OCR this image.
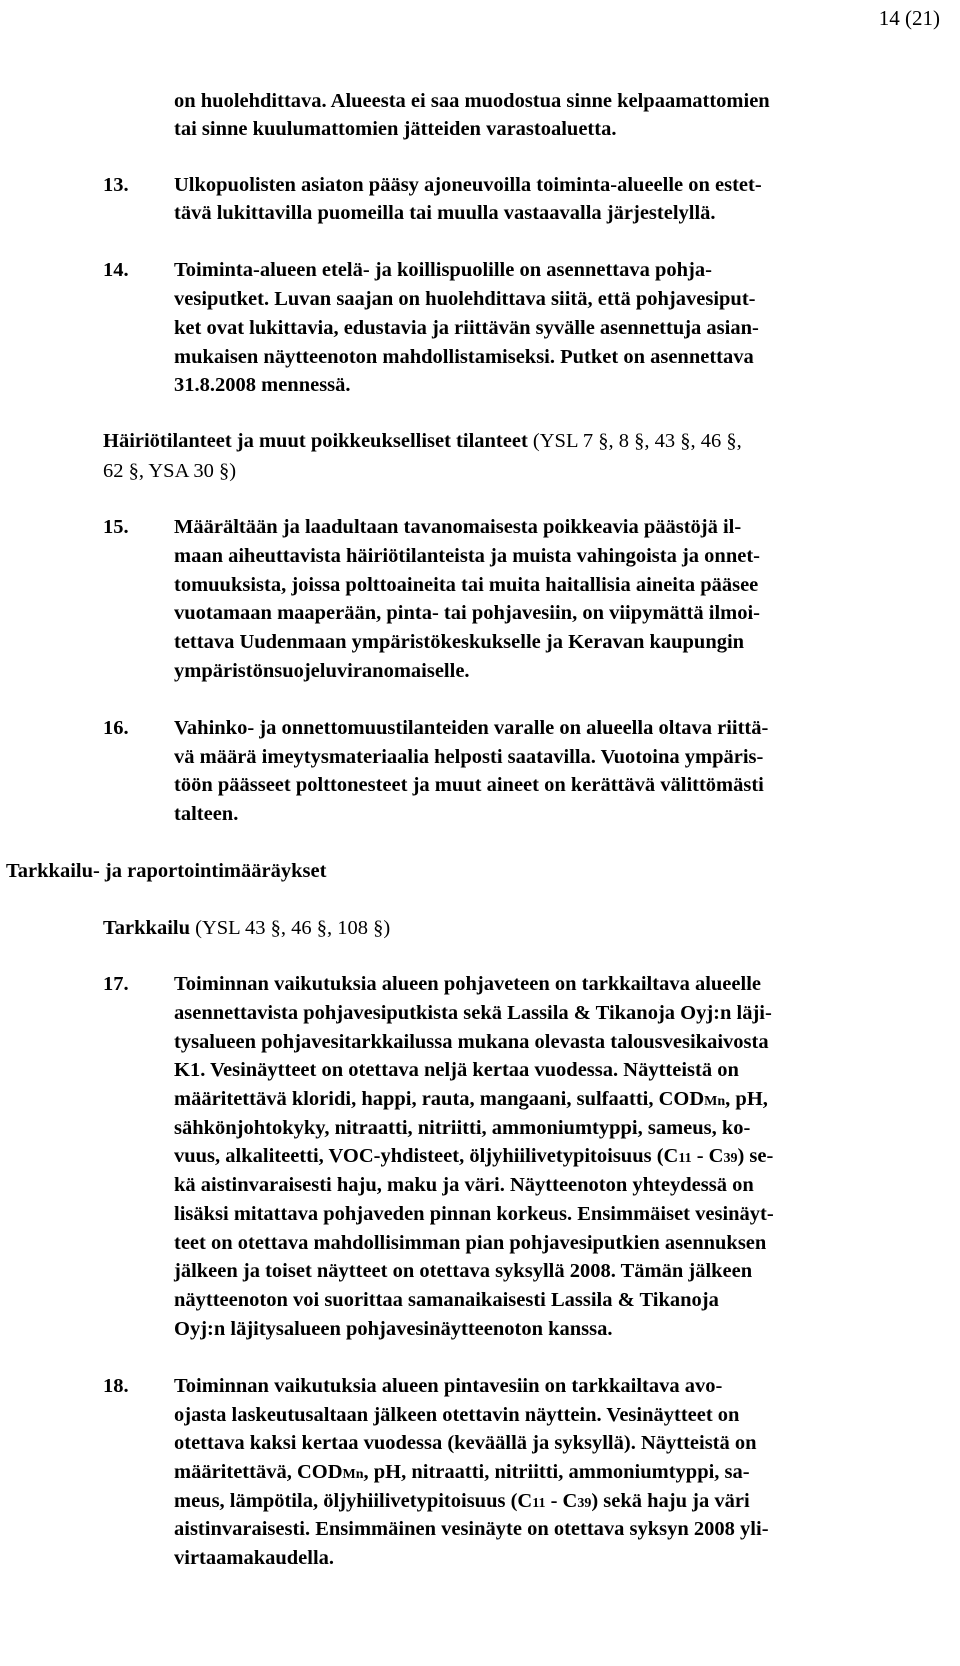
14 (21)
on huolehdittava. Alueesta ei saa muodostua sinne kelpaamattomien
tai sinne kuulumattomien jätteiden varastoaluetta.
13. Ulkopuolisten asiaton pääsy ajoneuvoilla toiminta-alueelle on estet-
tävä lukittavilla puomeilla tai muulla vastaavalla järjestelyllä.
14. Toiminta-alueen etelä- ja koillispuolille on asennettava pohja-
vesiputket. Luvan saajan on huolehdittava siitä, että pohjavesiput-
ket ovat lukittavia, edustavia ja riittävän syvälle asennettuja asian-
mukaisen näytteenoton mahdollistamiseksi. Putket on asennettava
31.8.2008 mennessä.
Häiriötilanteet ja muut poikkeukselliset tilanteet (YSL 7 §, 8 §, 43 §, 46 §,
62 §, YSA 30 §)
15. Määrältään ja laadultaan tavanomaisesta poikkeavia päästöjä il-
maan aiheuttavista häiriötilanteista ja muista vahingoista ja onnet-
tomuuksista, joissa polttoaineita tai muita haitallisia aineita pääsee
vuotamaan maaperään, pinta- tai pohjavesiin, on viipymättä ilmoi-
tettava Uudenmaan ympäristökeskukselle ja Keravan kaupungin
ympäristönsuojeluviranomaiselle.
16. Vahinko- ja onnettomuustilanteiden varalle on alueella oltava riittä-
vä määrä imeytysmateriaalia helposti saatavilla. Vuotoina ympäris-
töön päässeet polttonesteet ja muut aineet on kerättävä välittömästi
talteen.
Tarkkailu- ja raportointimääräykset
Tarkkailu (YSL 43 §, 46 §, 108 §)
17. Toiminnan vaikutuksia alueen pohjaveteen on tarkkailtava alueelle
asennettavista pohjavesiputkista sekä Lassila & Tikanoja Oyj:n läji-
tysalueen pohjavesitarkkailussa mukana olevasta talousvesikaivosta
K1. Vesinäytteet on otettava neljä kertaa vuodessa. Näytteistä on
määritettävä kloridi, happi, rauta, mangaani, sulfaatti, CODMn, pH,
sähkönjohtokyky, nitraatti, nitriitti, ammoniumtyppi, sameus, ko-
vuus, alkaliteetti, VOC-yhdisteet, öljyhiilivetypitoisuus (C11 - C39) se-
kä aistinvaraisesti haju, maku ja väri. Näytteenoton yhteydessä on
lisäksi mitattava pohjaveden pinnan korkeus. Ensimmäiset vesinäyt-
teet on otettava mahdollisimman pian pohjavesiputkien asennuksen
jälkeen ja toiset näytteet on otettava syksyllä 2008. Tämän jälkeen
näytteenoton voi suorittaa samanaikaisesti Lassila & Tikanoja
Oyj:n läjitysalueen pohjavesinäytteenoton kanssa.
18. Toiminnan vaikutuksia alueen pintavesiin on tarkkailtava avo-
ojasta laskeutusaltaan jälkeen otettavin näyttein. Vesinäytteet on
otettava kaksi kertaa vuodessa (keväällä ja syksyllä). Näytteistä on
määritettävä, CODMn, pH, nitraatti, nitriitti, ammoniumtyppi, sa-
meus, lämpötila, öljyhiilivetypitoisuus (C11 - C39) sekä haju ja väri
aistinvaraisesti. Ensimmäinen vesinäyte on otettava syksyn 2008 yli-
virtaamakaudella.
